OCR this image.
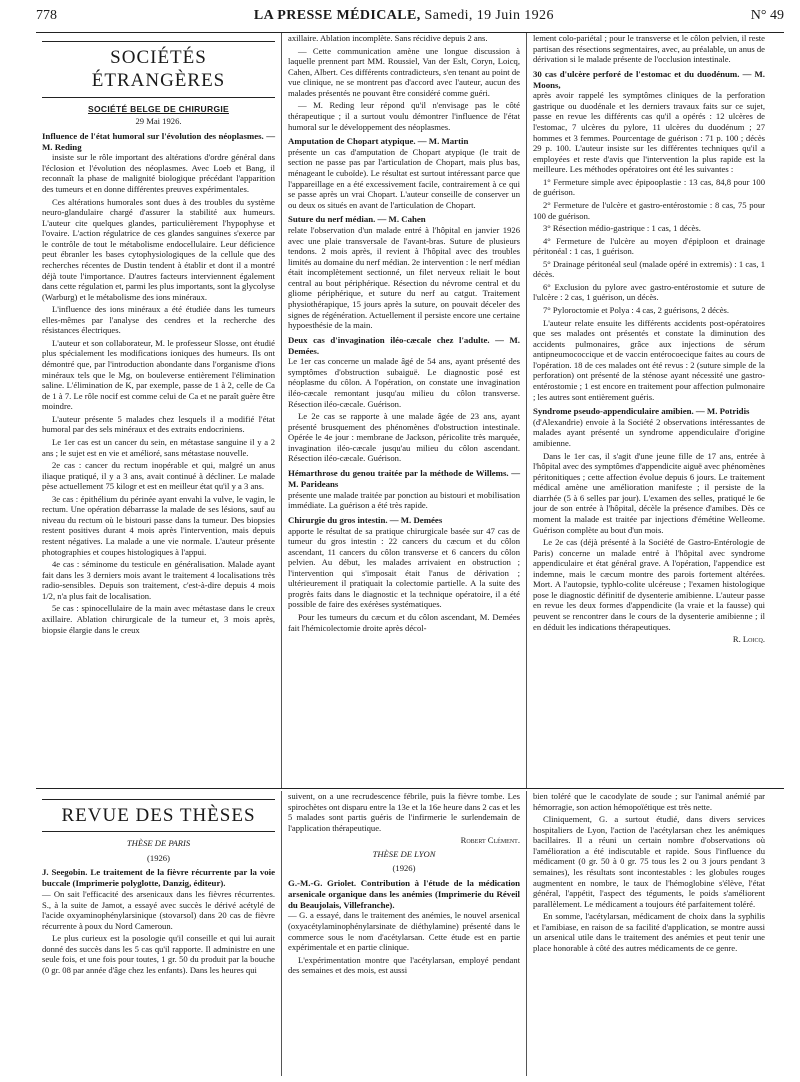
778	LA PRESSE MÉDICALE, Samedi, 19 Juin 1926	N° 49
SOCIÉTÉS ÉTRANGÈRES
SOCIÉTÉ BELGE DE CHIRURGIE
29 Mai 1926.
Influence de l'état humoral sur l'évolution des néoplasmes. — M. Reding

insiste sur le rôle important des altérations d'ordre général dans l'éclosion et l'évolution des néoplasmes. Avec Loeb et Bang, il reconnaît la phase de malignité biologique précédant l'apparition des tumeurs et en donne différentes preuves expérimentales.

Ces altérations humorales sont dues à des troubles du système neuro-glandulaire chargé d'assurer la stabilité aux humeurs. L'auteur cite quelques glandes, particulièrement l'hypophyse et l'ovaire. L'action régulatrice de ces glandes sanguines s'exerce par le contrôle de tout le métabolisme endocellulaire. Leur déficience peut ébranler les bases cytophysiologiques de la cellule que des recherches récentes de Dustin tendent à établir et dont il a montré déjà toute l'importance. D'autres facteurs interviennent également dans cette régulation et, parmi les plus importants, sont la glycolyse (Warburg) et le métabolisme des ions minéraux.

L'influence des ions minéraux a été étudiée dans les tumeurs elles-mêmes par l'analyse des cendres et la recherche des résistances électriques.

L'auteur et son collaborateur, M. le professeur Slosse, ont étudié plus spécialement les modifications ioniques des humeurs. Ils ont démontré que, par l'introduction abondante dans l'organisme d'ions minéraux tels que le Mg, on bouleverse entièrement l'élimination saline. L'élimination de K, par exemple, passe de 1 à 2, celle de Ca de 1 à 7. Le rôle nocif est comme celui de Ca et ne paraît guère être moindre.

L'auteur présente 5 malades chez lesquels il a modifié l'état humoral par des sels minéraux et des extraits endocriniens.

Le 1er cas est un cancer du sein, en métastase sanguine il y a 2 ans ; le sujet est en vie et amélioré, sans métastase nouvelle.

2e cas : cancer du rectum inopérable et qui, malgré un anus iliaque pratiqué, il y a 3 ans, avait continué à décliner. Le malade pèse actuellement 75 kilogr et est en meilleur état qu'il y a 3 ans.

3e cas : épithélium du périnée ayant envahi la vulve, le vagin, le rectum. Une opération débarrasse la malade de ses lésions, sauf au niveau du rectum où le bistouri passe dans la tumeur. Des biopsies restent positives durant 4 mois après l'intervention, mais depuis restent négatives. La malade a une vie normale. L'auteur présente photographies et coupes histologiques à l'appui.

4e cas : séminome du testicule en généralisation. Malade ayant fait dans les 3 derniers mois avant le traitement 4 localisations très radio-sensibles. Depuis son traitement, c'est-à-dire depuis 4 mois 1/2, n'a plus fait de localisation.

5e cas : spinocellulaire de la main avec métastase dans le creux axillaire. Ablation chirurgicale de la tumeur et, 3 mois après, biopsie élargie dans le creux

axillaire. Ablation incomplète. Sans récidive depuis 2 ans.

— Cette communication amène une longue discussion à laquelle prennent part MM. Roussiel, Van der Eslt, Coryn, Loicq, Cahen, Albert. Ces différents contradicteurs, s'en tenant au point de vue clinique, ne se montrent pas d'accord avec l'auteur, aucun des malades présentés ne pouvant être considéré comme guéri.

— M. Reding leur répond qu'il n'envisage pas le côté thérapeutique ; il a surtout voulu démontrer l'influence de l'état humoral sur le développement des néoplasmes.

Amputation de Chopart atypique. — M. Martin

présente un cas d'amputation de Chopart atypique (le trait de section ne passe pas par l'articulation de Chopart, mais plus bas, ménageant le cuboïde). Le résultat est surtout intéressant parce que l'appareillage en a été excessivement facile, contrairement à ce qui se passe après un vrai Chopart. L'auteur conseille de conserver un ou deux os situés en avant de l'articulation de Chopart.

Suture du nerf médian. — M. Cahen

relate l'observation d'un malade entré à l'hôpital en janvier 1926 avec une plaie transversale de l'avant-bras. Suture de plusieurs tendons. 2 mois après, il revient à l'hôpital avec des troubles limités au domaine du nerf médian. 2e intervention : le nerf médian était incomplètement sectionné, un filet nerveux reliait le bout central au bout périphérique. Résection du névrome central et du gliome périphérique, et suture du nerf au catgut. Traitement physiothérapique, 15 jours après la suture, on pouvait déceler des signes de régénération. Actuellement il persiste encore une certaine hypoesthésie de la main.

Deux cas d'invagination iléo-cæcale chez l'adulte. — M. Demées.

Le 1er cas concerne un malade âgé de 54 ans, ayant présenté des symptômes d'obstruction subaiguë. Le diagnostic posé est néoplasme du côlon. A l'opération, on constate une invagination iléo-cæcale remontant jusqu'au milieu du côlon transverse. Résection iléo-cæcale. Guérison.

Le 2e cas se rapporte à une malade âgée de 23 ans, ayant présenté brusquement des phénomènes d'obstruction intestinale. Opérée le 4e jour : membrane de Jackson, péricolite très marquée, invagination iléo-cæcale jusqu'au milieu du côlon ascendant. Résection iléo-cæcale. Guérison.

Hémarthrose du genou traitée par la méthode de Willems. — M. Parideans

présente une malade traitée par ponction au bistouri et mobilisation immédiate. La guérison a été très rapide.

Chirurgie du gros intestin. — M. Demées

apporte le résultat de sa pratique chirurgicale basée sur 47 cas de tumeur du gros intestin : 22 cancers du cæcum et du côlon ascendant, 11 cancers du côlon transverse et 6 cancers du côlon pelvien. Au début, les malades arrivaient en obstruction ; l'intervention qui s'imposait était l'anus de dérivation ; ultérieurement il pratiquait la colectomie partielle. A la suite des progrès faits dans le diagnostic et la technique opératoire, il a été possible de faire des exérèses systématiques.

Pour les tumeurs du cæcum et du côlon ascendant, M. Demées fait l'hémicolectomie droite après décol-

lement colo-pariétal ; pour le transverse et le côlon pelvien, il reste partisan des résections segmentaires, avec, au préalable, un anus de dérivation si le malade présente de l'occlusion intestinale.

30 cas d'ulcère perforé de l'estomac et du duodénum. — M. Moons,

après avoir rappelé les symptômes cliniques de la perforation gastrique ou duodénale et les derniers travaux faits sur ce sujet, passe en revue les différents cas qu'il a opérés : 12 ulcères de l'estomac, 7 ulcères du pylore, 11 ulcères du duodénum ; 27 hommes et 3 femmes. Pourcentage de guérison : 71 p. 100 ; décès 29 p. 100. L'auteur insiste sur les différentes techniques qu'il a employées et reste d'avis que l'intervention la plus rapide est la meilleure. Les méthodes opératoires ont été les suivantes :

1° Fermeture simple avec épipooplastie : 13 cas, 84,8 pour 100 de guérison.

2° Fermeture de l'ulcère et gastro-entérostomie : 8 cas, 75 pour 100 de guérison.

3° Résection médio-gastrique : 1 cas, 1 décès.

4° Fermeture de l'ulcère au moyen d'épiploon et drainage péritonéal : 1 cas, 1 guérison.

5° Drainage péritonéal seul (malade opéré in extremis) : 1 cas, 1 décès.

6° Exclusion du pylore avec gastro-entérostomie et suture de l'ulcère : 2 cas, 1 guérison, un décès.

7° Pyloroctomie et Polya : 4 cas, 2 guérisons, 2 décès.

L'auteur relate ensuite les différents accidents post-opératoires que ses malades ont présentés et constate la diminution des accidents pulmonaires, grâce aux injections de sérum antipneumococcique et de vaccin entérocoecique faites au cours de l'opération. 18 de ces malades ont été revus : 2 (suture simple de la perforation) ont présenté de la sténose ayant nécessité une gastro-entérostomie ; 1 est encore en traitement pour affection pulmonaire ; les autres sont entièrement guéris.

Syndrome pseudo-appendiculaire amibien. — M. Potridis

(d'Alexandrie) envoie à la Société 2 observations intéressantes de malades ayant présenté un syndrome appendiculaire d'origine amibienne.

Dans le 1er cas, il s'agit d'une jeune fille de 17 ans, entrée à l'hôpital avec des symptômes d'appendicite aiguë avec phénomènes péritonitiques ; cette affection évolue depuis 6 jours. Le traitement médical amène une amélioration manifeste ; il persiste de la diarrhée (5 à 6 selles par jour). L'examen des selles, pratiqué le 6e jour de son entrée à l'hôpital, décèle la présence d'amibes. Dès ce moment la malade est traitée par injections d'émétine Welleome. Guérison complète au bout d'un mois.

Le 2e cas (déjà présenté à la Société de Gastro-Entérologie de Paris) concerne un malade entré à l'hôpital avec syndrome appendiculaire et état général grave. A l'opération, l'appendice est indemne, mais le cæcum montre des parois fortement altérées. Mort. A l'autopsie, typhlo-colite ulcéreuse ; l'examen histologique pose le diagnostic définitif de dysenterie amibienne. L'auteur passe en revue les deux formes d'appendicite (la vraie et la fausse) qui peuvent se rencontrer dans le cours de la dysenterie amibienne ; il en déduit les indications thérapeutiques.

R. Loicq.

REVUE DES THÈSES
THÈSE DE PARIS
(1926)
J. Seegobin. Le traitement de la fièvre récurrente par la voie buccale (Imprimerie polyglotte, Danzig, éditeur).

— On sait l'efficacité des arsenicaux dans les fièvres récurrentes. S., à la suite de Jamot, a essayé avec succès le dérivé acétylé de l'acide oxyaminophénylarsinique (stovarsol) dans 20 cas de fièvre récurrente à poux du Nord Cameroun.

Le plus curieux est la posologie qu'il conseille et qui lui aurait donné des succès dans les 5 cas qu'il rapporte. Il administre en une seule fois, et une fois pour toutes, 1 gr. 50 du produit par la bouche (0 gr. 08 par année d'âge chez les enfants). Dans les heures qui

suivent, on a une recrudescence fébrile, puis la fièvre tombe. Les spirochètes ont disparu entre la 13e et la 16e heure dans 2 cas et les 5 malades sont partis guéris de l'infirmerie le surlendemain de l'application thérapeutique.

Robert Clément.

THÈSE DE LYON
(1926)
G.-M.-G. Griolet. Contribution à l'étude de la médication arsenicale organique dans les anémies (Imprimerie du Réveil du Beaujolais, Villefranche).

— G. a essayé, dans le traitement des anémies, le nouvel arsenical (oxyacétylaminophénylarsinate de diéthylamine) présenté dans le commerce sous le nom d'acétylarsan. Cette étude est en partie expérimentale et en partie clinique.

L'expérimentation montre que l'acétylarsan, employé pendant des semaines et des mois, est aussi

bien toléré que le cacodylate de soude ; sur l'animal anémié par hémorragie, son action hémopoïétique est très nette.

Cliniquement, G. a surtout étudié, dans divers services hospitaliers de Lyon, l'action de l'acétylarsan chez les anémiques bacillaires. Il a réuni un certain nombre d'observations où l'amélioration a été indiscutable et rapide. Sous l'influence du médicament (0 gr. 50 à 0 gr. 75 tous les 2 ou 3 jours pendant 3 semaines), les résultats sont incontestables : les globules rouges augmentent en nombre, le taux de l'hémoglobine s'élève, l'état général, l'appétit, l'aspect des téguments, le poids s'améliorent parallèlement. Le médicament a toujours été parfaitement toléré.

En somme, l'acétylarsan, médicament de choix dans la syphilis et l'amibiase, en raison de sa facilité d'application, se montre aussi un arsenical utile dans le traitement des anémies et peut tenir une place honorable à côté des autres médicaments de ce genre.
